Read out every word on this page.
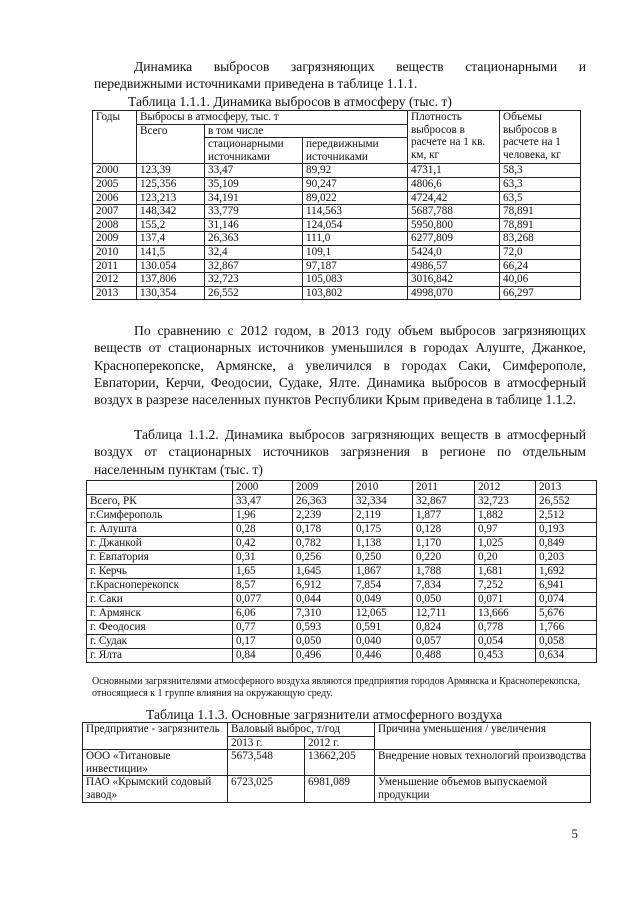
Динамика выбросов загрязняющих веществ стационарными и передвижными источниками приведена в таблице 1.1.1.

Таблица 1.1.1. Динамика выбросов в атмосферу (тыс. т)
Годы	Выбросы в атмосферу, тыс. т			Плотность выбросов в расчете на 1 кв. км, кг	Объемы выбросов в расчете на 1 человека, кг
	Всего	в том числе			
		стационарными источниками	передвижными источниками		
2000	123,39	33,47	89,92	4731,1	58,3
2005	125,356	35,109	90,247	4806,6	63,3
2006	123,213	34,191	89,022	4724,42	63,5
2007	148,342	33,779	114,563	5687,788	78,891
2008	155,2	31,146	124,054	5950,800	78,891
2009	137,4	26,363	111,0	6277,809	83,268
2010	141,5	32,4	109,1	5424,0	72,0
2011	130.054	32,867	97,187	4986,57	66,24
2012	137,806	32,723	105,083	3016,842	40,06
2013	130,354	26,552	103,802	4998,070	66,297

По сравнению с 2012 годом, в 2013 году объем выбросов загрязняющих веществ от стационарных источников уменьшился в городах Алуште, Джанкое, Красноперекопске, Армянске, а увеличился в городах Саки, Симферополе, Евпатории, Керчи, Феодосии, Судаке, Ялте. Динамика выбросов в атмосферный воздух в разрезе населенных пунктов Республики Крым приведена в таблице 1.1.2.

Таблица 1.1.2. Динамика выбросов загрязняющих веществ в атмосферный воздух от стационарных источников загрязнения в регионе по отдельным населенным пунктам (тыс. т)

	2000	2009	2010	2011	2012	2013
Всего, РК	33,47	26,363	32,334	32,867	32,723	26,552
г.Симферополь	1,96	2,239	2,119	1,877	1,882	2,512
г. Алушта	0,28	0,178	0,175	0,128	0,97	0,193
г. Джанкой	0,42	0,782	1,138	1,170	1,025	0,849
г. Евпатория	0,31	0,256	0,250	0,220	0,20	0,203
г. Керчь	1,65	1,645	1,867	1,788	1,681	1,692
г.Красноперекопск	8,57	6,912	7,854	7,834	7,252	6,941
г. Саки	0,077	0,044	0,049	0,050	0,071	0,074
г. Армянск	6,06	7,310	12,065	12,711	13,666	5,676
г. Феодосия	0,77	0,593	0,591	0,824	0,778	1,766
г. Судак	0,17	0,050	0,040	0,057	0,054	0,058
г. Ялта	0,84	0,496	0,446	0,488	0,453	0,634

Основными загрязнителями атмосферного воздуха являются предприятия городов Армянска и Красноперекопска, относящиеся к 1 группе влияния на окружающую среду.

Таблица 1.1.3. Основные загрязнители атмосферного воздуха
Предприятие - загрязнитель	Валовый выброс, т/год		Причина уменьшения / увеличения
	2013 г.	2012 г.	
ООО «Титановые инвестиции»	5673,548	13662,205	Внедрение новых технологий производства
ПАО «Крымский содовый завод»	6723,025	6981,089	Уменьшение объемов выпускаемой продукции
5
